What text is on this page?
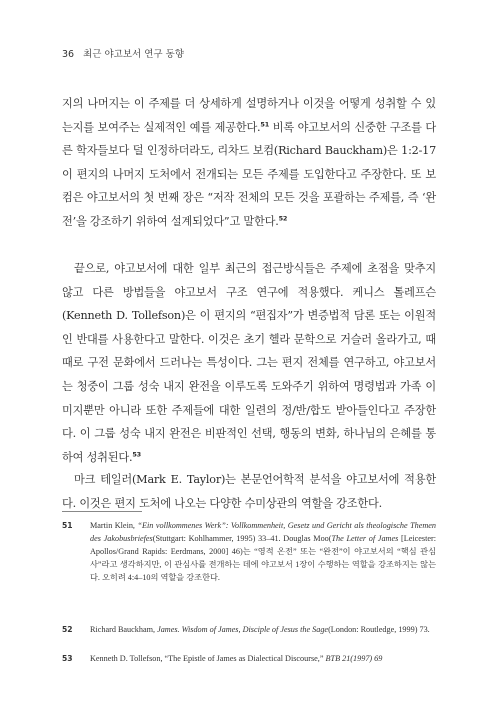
36 최근 야고보서 연구 동향

지의 나머지는 이 주제를 더 상세하게 설명하거나 이것을 어떻게 성취할 수 있는지를 보여주는 실제적인 예를 제공한다.$^{51}$ 비록 야고보서의 신중한 구조를 다른 학자들보다 덜 인정하더라도, 리차드 보컴(Richard Bauckham)은 1:2-17이 편지의 나머지 도처에서 전개되는 모든 주제를 도입한다고 주장한다. 또 보컴은 야고보서의 첫 번째 장은 “저작 전체의 모든 것을 포괄하는 주제를, 즉 ‘완전’을 강조하기 위하여 설계되었다”고 말한다.$^{52}$

끝으로, 야고보서에 대한 일부 최근의 접근방식들은 주제에 초점을 맞추지 않고 다른 방법들을 야고보서 구조 연구에 적용했다. 케니스 톨레프슨(Kenneth D. Tollefson)은 이 편지의 “편집자”가 변증법적 담론 또는 이원적인 반대를 사용한다고 말한다. 이것은 초기 헬라 문학으로 거슬러 올라가고, 때때로 구전 문화에서 드러나는 특성이다. 그는 편지 전체를 연구하고, 야고보서는 청중이 그룹 성숙 내지 완전을 이루도록 도와주기 위하여 명령법과 가족 이미지뿐만 아니라 또한 주제들에 대한 일련의 정/반/합도 받아들인다고 주장한다. 이 그룹 성숙 내지 완전은 비판적인 선택, 행동의 변화, 하나님의 은혜를 통하여 성취된다.$^{53}$

마크 테일러(Mark E. Taylor)는 본문언어학적 분석을 야고보서에 적용한다. 이것은 편지 도처에 나오는 다양한 수미상관의 역할을 강조한다.

51 Martin Klein, “Ein vollkommenes Werk”: Vollkommenheit, Gesetz und Gericht als theologische Themen des Jakobusbriefes(Stuttgart: Kohlhammer, 1995) 33–41. Douglas Moo(The Letter of James [Leicester: Apollos/Grand Rapids: Eerdmans, 2000] 46)는 “영적 온전” 또는 “완전”이 야고보서의 “핵심 관심사”라고 생각하지만, 이 관심사를 전개하는 데에 야고보서 1장이 수행하는 역할을 강조하지는 않는다. 오히려 4:4–10의 역할을 강조한다.
52 Richard Bauckham, James. Wisdom of James, Disciple of Jesus the Sage(London: Routledge, 1999) 73.
53 Kenneth D. Tollefson, “The Epistle of James as Dialectical Discourse,” BTB 21(1997) 69
